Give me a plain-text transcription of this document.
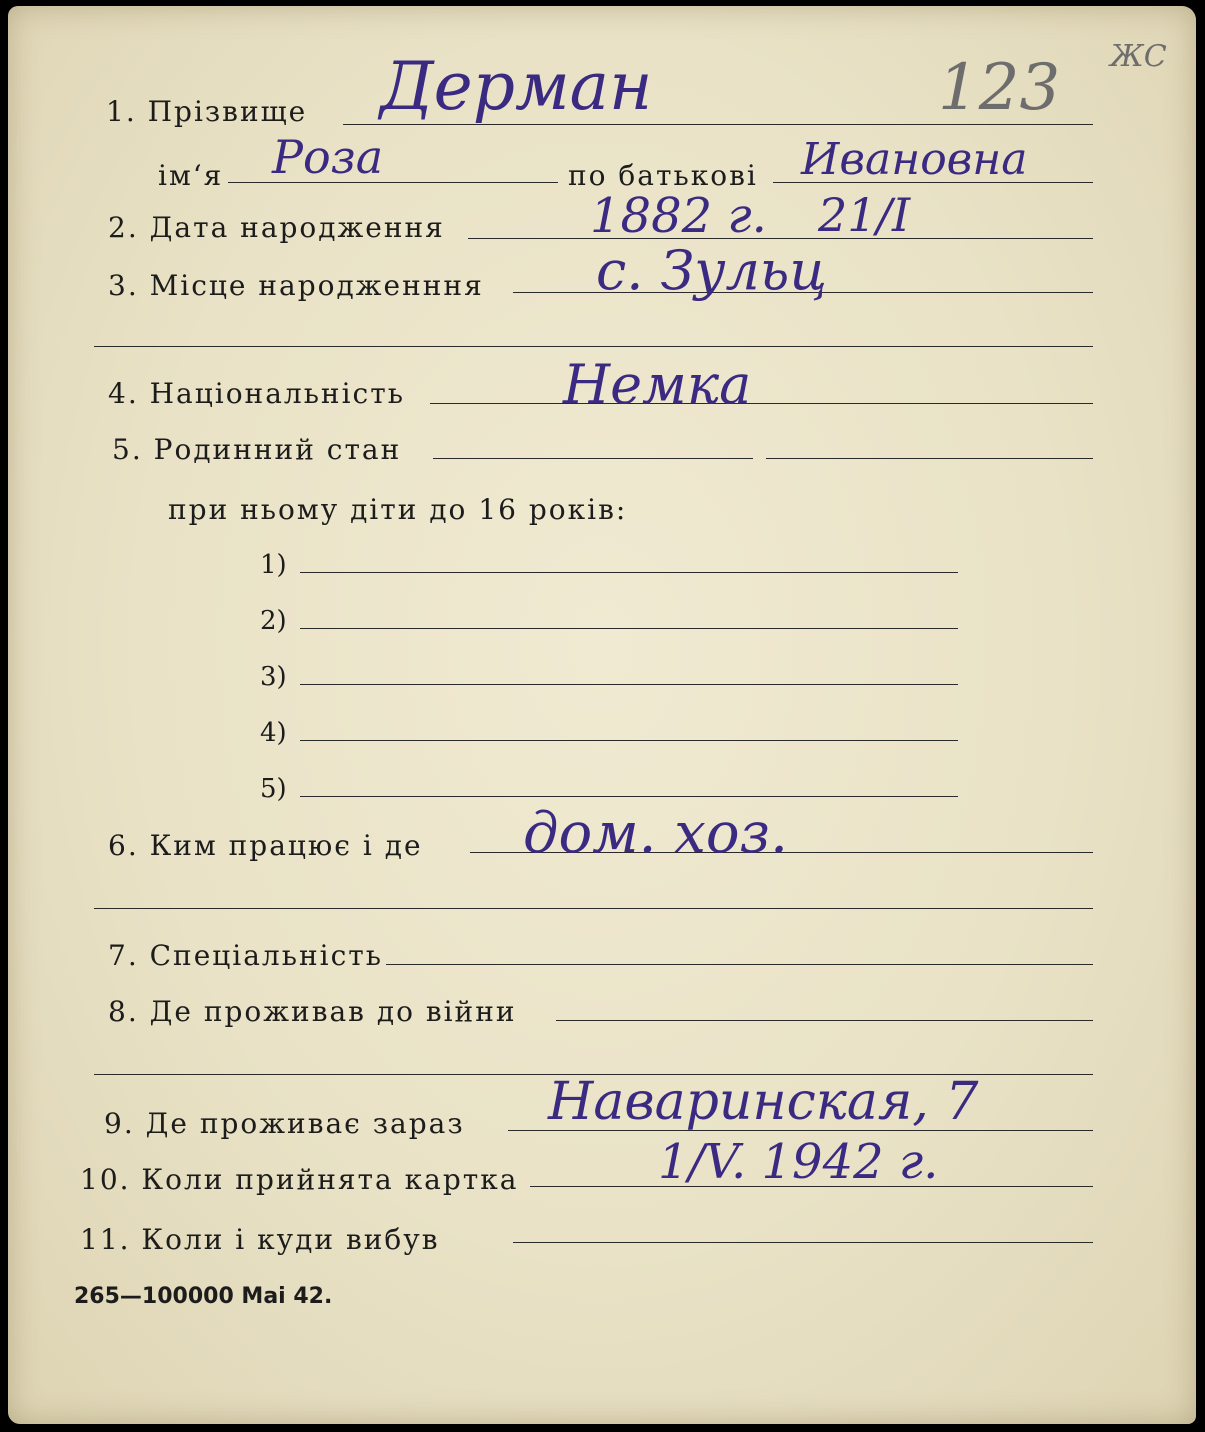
ЖС
123
1. Прізвище Дерман
ім‘я Роза	по батькові Ивановна
2. Дата народження	1882 г. 21/I
3. Місце народженння с. Зульц
4. Національність	Немка
5. Родинний стан
при ньому діти до 16 років:
1)
2)
3)
4)
5)
6. Ким працює і де дом. хоз.
7. Спеціальність
8. Де проживав до війни
9. Де проживає зараз Наваринская, 7
10. Коли прийнята картка	1/V. 1942 г.
11. Коли і куди вибув
265—100000 Mai 42.
